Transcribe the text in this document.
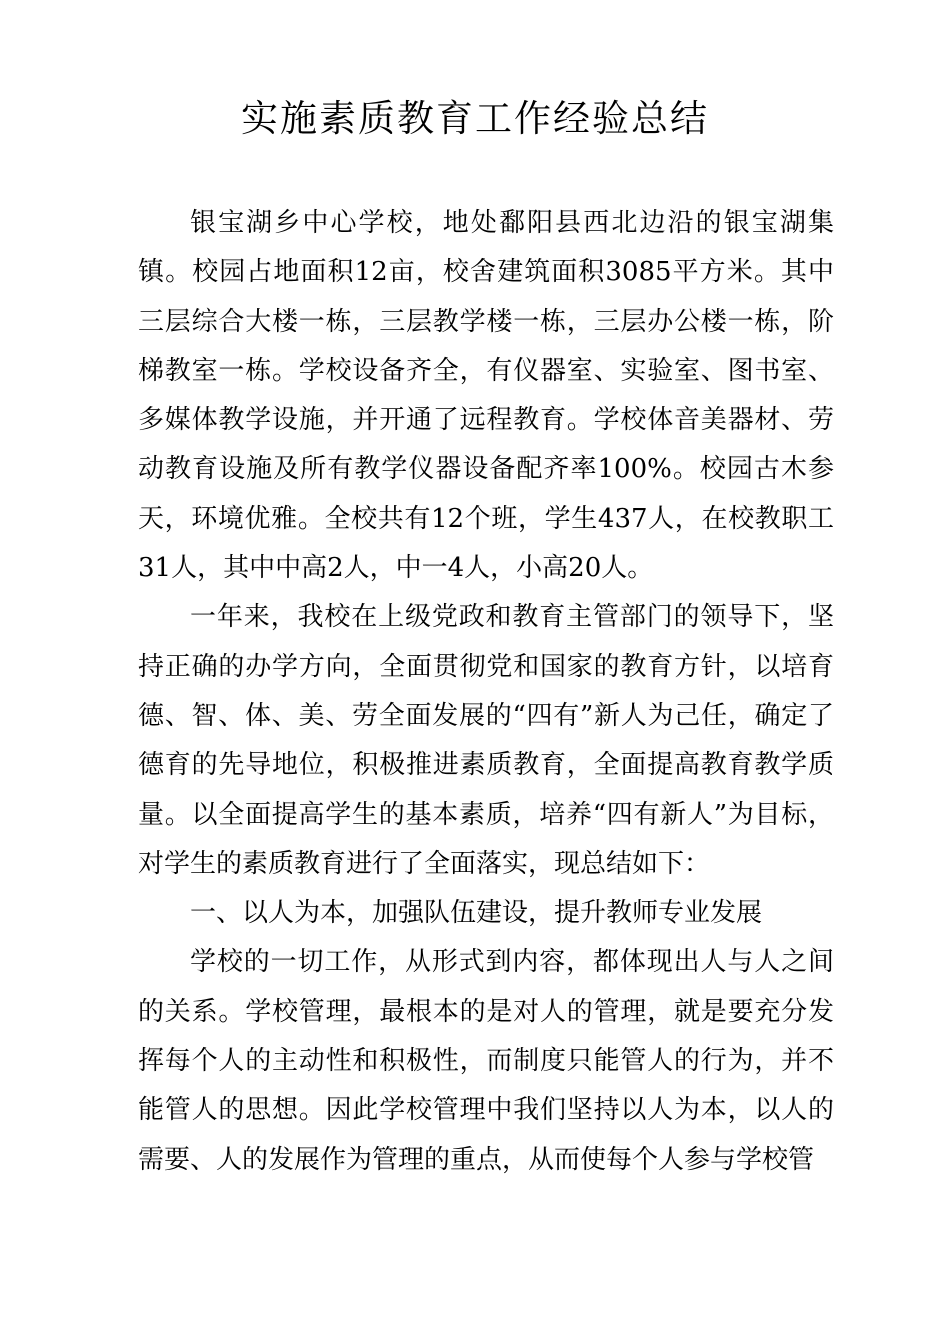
实施素质教育工作经验总结

银宝湖乡中心学校，地处鄱阳县西北边沿的银宝湖集镇。校园占地面积12亩，校舍建筑面积3085平方米。其中三层综合大楼一栋，三层教学楼一栋，三层办公楼一栋，阶梯教室一栋。学校设备齐全，有仪器室、实验室、图书室、多媒体教学设施，并开通了远程教育。学校体音美器材、劳动教育设施及所有教学仪器设备配齐率100%。校园古木参天，环境优雅。全校共有12个班，学生437人，在校教职工31人，其中中高2人，中一4人，小高20人。

一年来，我校在上级党政和教育主管部门的领导下，坚持正确的办学方向，全面贯彻党和国家的教育方针，以培育德、智、体、美、劳全面发展的“四有”新人为己任，确定了德育的先导地位，积极推进素质教育，全面提高教育教学质量。以全面提高学生的基本素质，培养“四有新人”为目标，对学生的素质教育进行了全面落实，现总结如下：

一、以人为本，加强队伍建设，提升教师专业发展

学校的一切工作，从形式到内容，都体现出人与人之间的关系。学校管理，最根本的是对人的管理，就是要充分发挥每个人的主动性和积极性，而制度只能管人的行为，并不能管人的思想。因此学校管理中我们坚持以人为本，以人的需要、人的发展作为管理的重点，从而使每个人参与学校管
